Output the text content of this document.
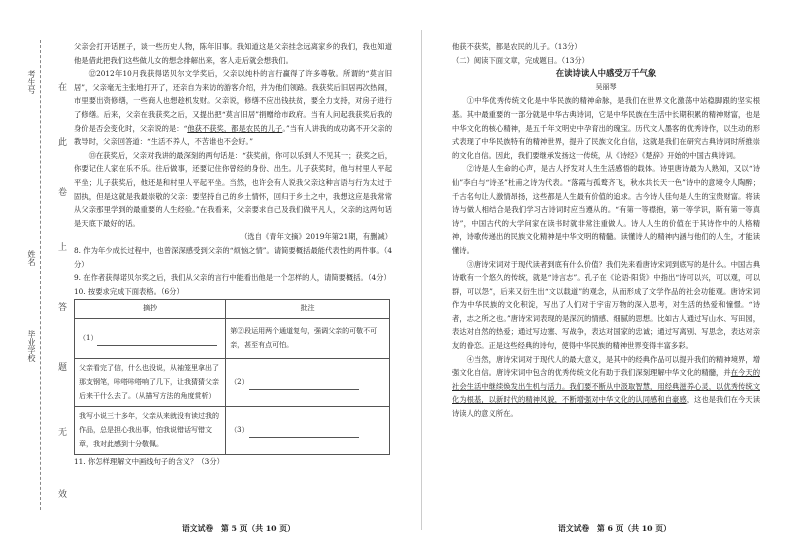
考生号
姓名
毕业学校
在
此
卷
上
答
题
无
效

父亲会打开话匣子，谈一些历史人物，陈年旧事。我知道这是父亲挂念远离家乡的我们，我也知道他是借此把我们这些做儿女的想念排解出来，客人走后就会想我们。

⑫2012年10月我获得诺贝尔文学奖后，父亲以纯朴的言行赢得了许多尊敬。所谓的“莫言旧居”，父亲毫无主张地打开了，还亲自为来访的游客介绍，并为他们领路。我获奖后旧居再次热闹，市里要出资修缮，一些商人也想趁机发财。父亲说，修缮不应出钱扶贫，要全力支持，对房子进行了修缮。后来，父亲在我获奖之后，又提出把“莫言旧居”捐赠给市政府。当有人问起我获奖后我的身价是否会变化时，父亲说的是：“他获不获奖，都是农民的儿子。”当有人讲我的成功离不开父亲的教导时，父亲回答道：“生活不养人，不苦谁也不会好。”

⑬在获奖后，父亲对我讲的最深刻的两句话是：“获奖前，你可以乐到人不见其一；获奖之后，你要记住人家在乐不乐。往后做事，还要记住你曾经的身份、出生。儿子获奖时，他与村里人平起平坐；儿子获奖后，他还是和村里人平起平坐。当然，也许会有人说我父亲这种言语与行为太过于固执，但是这就是我最崇敬的父亲：要坚持自己的乡土情怀，回归于乡土之中，我想这应是我常常从父亲那里学到的最重要的人生经验。”在我看来，父亲要求自己及我们做平凡人，父亲的这两句话是天底下最好的话。

（选自《青年文摘》2019年第21期，有删减）

8. 作为年少成长过程中，也曾深深感受到父亲的“烦恼之情”。请简要概括最能代表性的两件事。（4分）

9. 在作者获得诺贝尔奖之后，我们从父亲的言行中能看出他是一个怎样的人，请简要概括。（4分）

10. 按要求完成下面表格。（6分）

摘抄	批注
（1）	第②段运用两个通道复句，强调父亲的可敬不可亲，甚至有点可怕。
父亲看完了信，什么也没说，从袖笼里拿出了那支钢笔，咔嗒咔嗒响了几下，让我猜猜父亲后来干什么去了。（从描写方法的角度赏析）	（2）
我写小说三十多年，父亲从来就没有读过我的作品，总是担心我出事，怕我说错话写错文章，我对此感到十分敬佩。	（3）

11. 你怎样理解文中画线句子的含义？（3分）

他获不获奖，都是农民的儿子。（13分）

（二）阅读下面文章，完成题目。（13分）

在读诗读人中感受万千气象

吴丽琴

①中华优秀传统文化是中华民族的精神命脉，是我们在世界文化激荡中站稳脚跟的坚实根基。其中最重要的一部分就是中华古典诗词，它是中华民族在生活中长期积累的精神财富，也是中华文化的核心精神，是五千年文明史中孕育出的瑰宝。历代文人墨客的优秀诗作，以生动的形式表现了中华民族特有的精神世界，提升了民族文化自信，这就是我们在研究古典诗词时所推崇的文化自信。因此，我们要继承发扬这一传统，从《诗经》《楚辞》开始的中国古典诗词。

②诗是人生命的心声，是古人抒发对人生生活感悟的载体。诗里唐诗最为人熟知，又以“诗仙”李白与“诗圣”杜甫之诗为代表。“落霞与孤鹜齐飞，秋水共长天一色”诗中的意境令人陶醉；千古名句让人激情昂扬，这些都是人生最有价值的追求。古今诗人佳句是人生的宝贵财富。将读诗与做人相结合是我们学习古诗词时应当遵从的。“有第一等襟抱，第一等学识，斯有第一等真诗”，中国古代的大学问家在读书时就非常注重做人。诗人人生的价值在于其诗作中的人格精神，诗歌传递出的民族文化精神是中华文明的精髓。读懂诗人的精神内涵与他们的人生，才能读懂诗。

③唐诗宋词对于现代读者到底有什么价值？我们先来看唐诗宋词到底写的是什么。中国古典诗歌有一个悠久的传统，就是“诗言志”。孔子在《论语·阳货》中指出“诗可以兴，可以观，可以群，可以怨”，后来又衍生出“文以载道”的观念，从而形成了文学作品的社会功能观。唐诗宋词作为中华民族的文化积淀，写出了人们对于宇宙万物的深入思考，对生活的热爱和憧憬。“诗者，志之所之也。”唐诗宋词表现的是深沉的情感、细腻的思想。比如古人通过写山水、写田园，表达对自然的热爱；通过写边塞、写战争，表达对国家的忠诚；通过写离别、写思念，表达对亲友的眷恋。正是这些经典的诗句，使得中华民族的精神世界变得丰富多彩。

④当然，唐诗宋词对于现代人的最大意义，是其中的经典作品可以提升我们的精神境界，增强文化自信。唐诗宋词中包含的优秀传统文化有助于我们深刻理解中华文化的精髓，并在今天的社会生活中继续焕发出生机与活力。我们要不断从中汲取智慧，用经典滋养心灵，以优秀传统文化为根基，以新时代的精神风貌，不断增强对中华文化的认同感和自豪感，这也是我们在今天读诗读人的意义所在。

语文试卷　第 5 页（共 10 页）	语文试卷　第 6 页（共 10 页）
